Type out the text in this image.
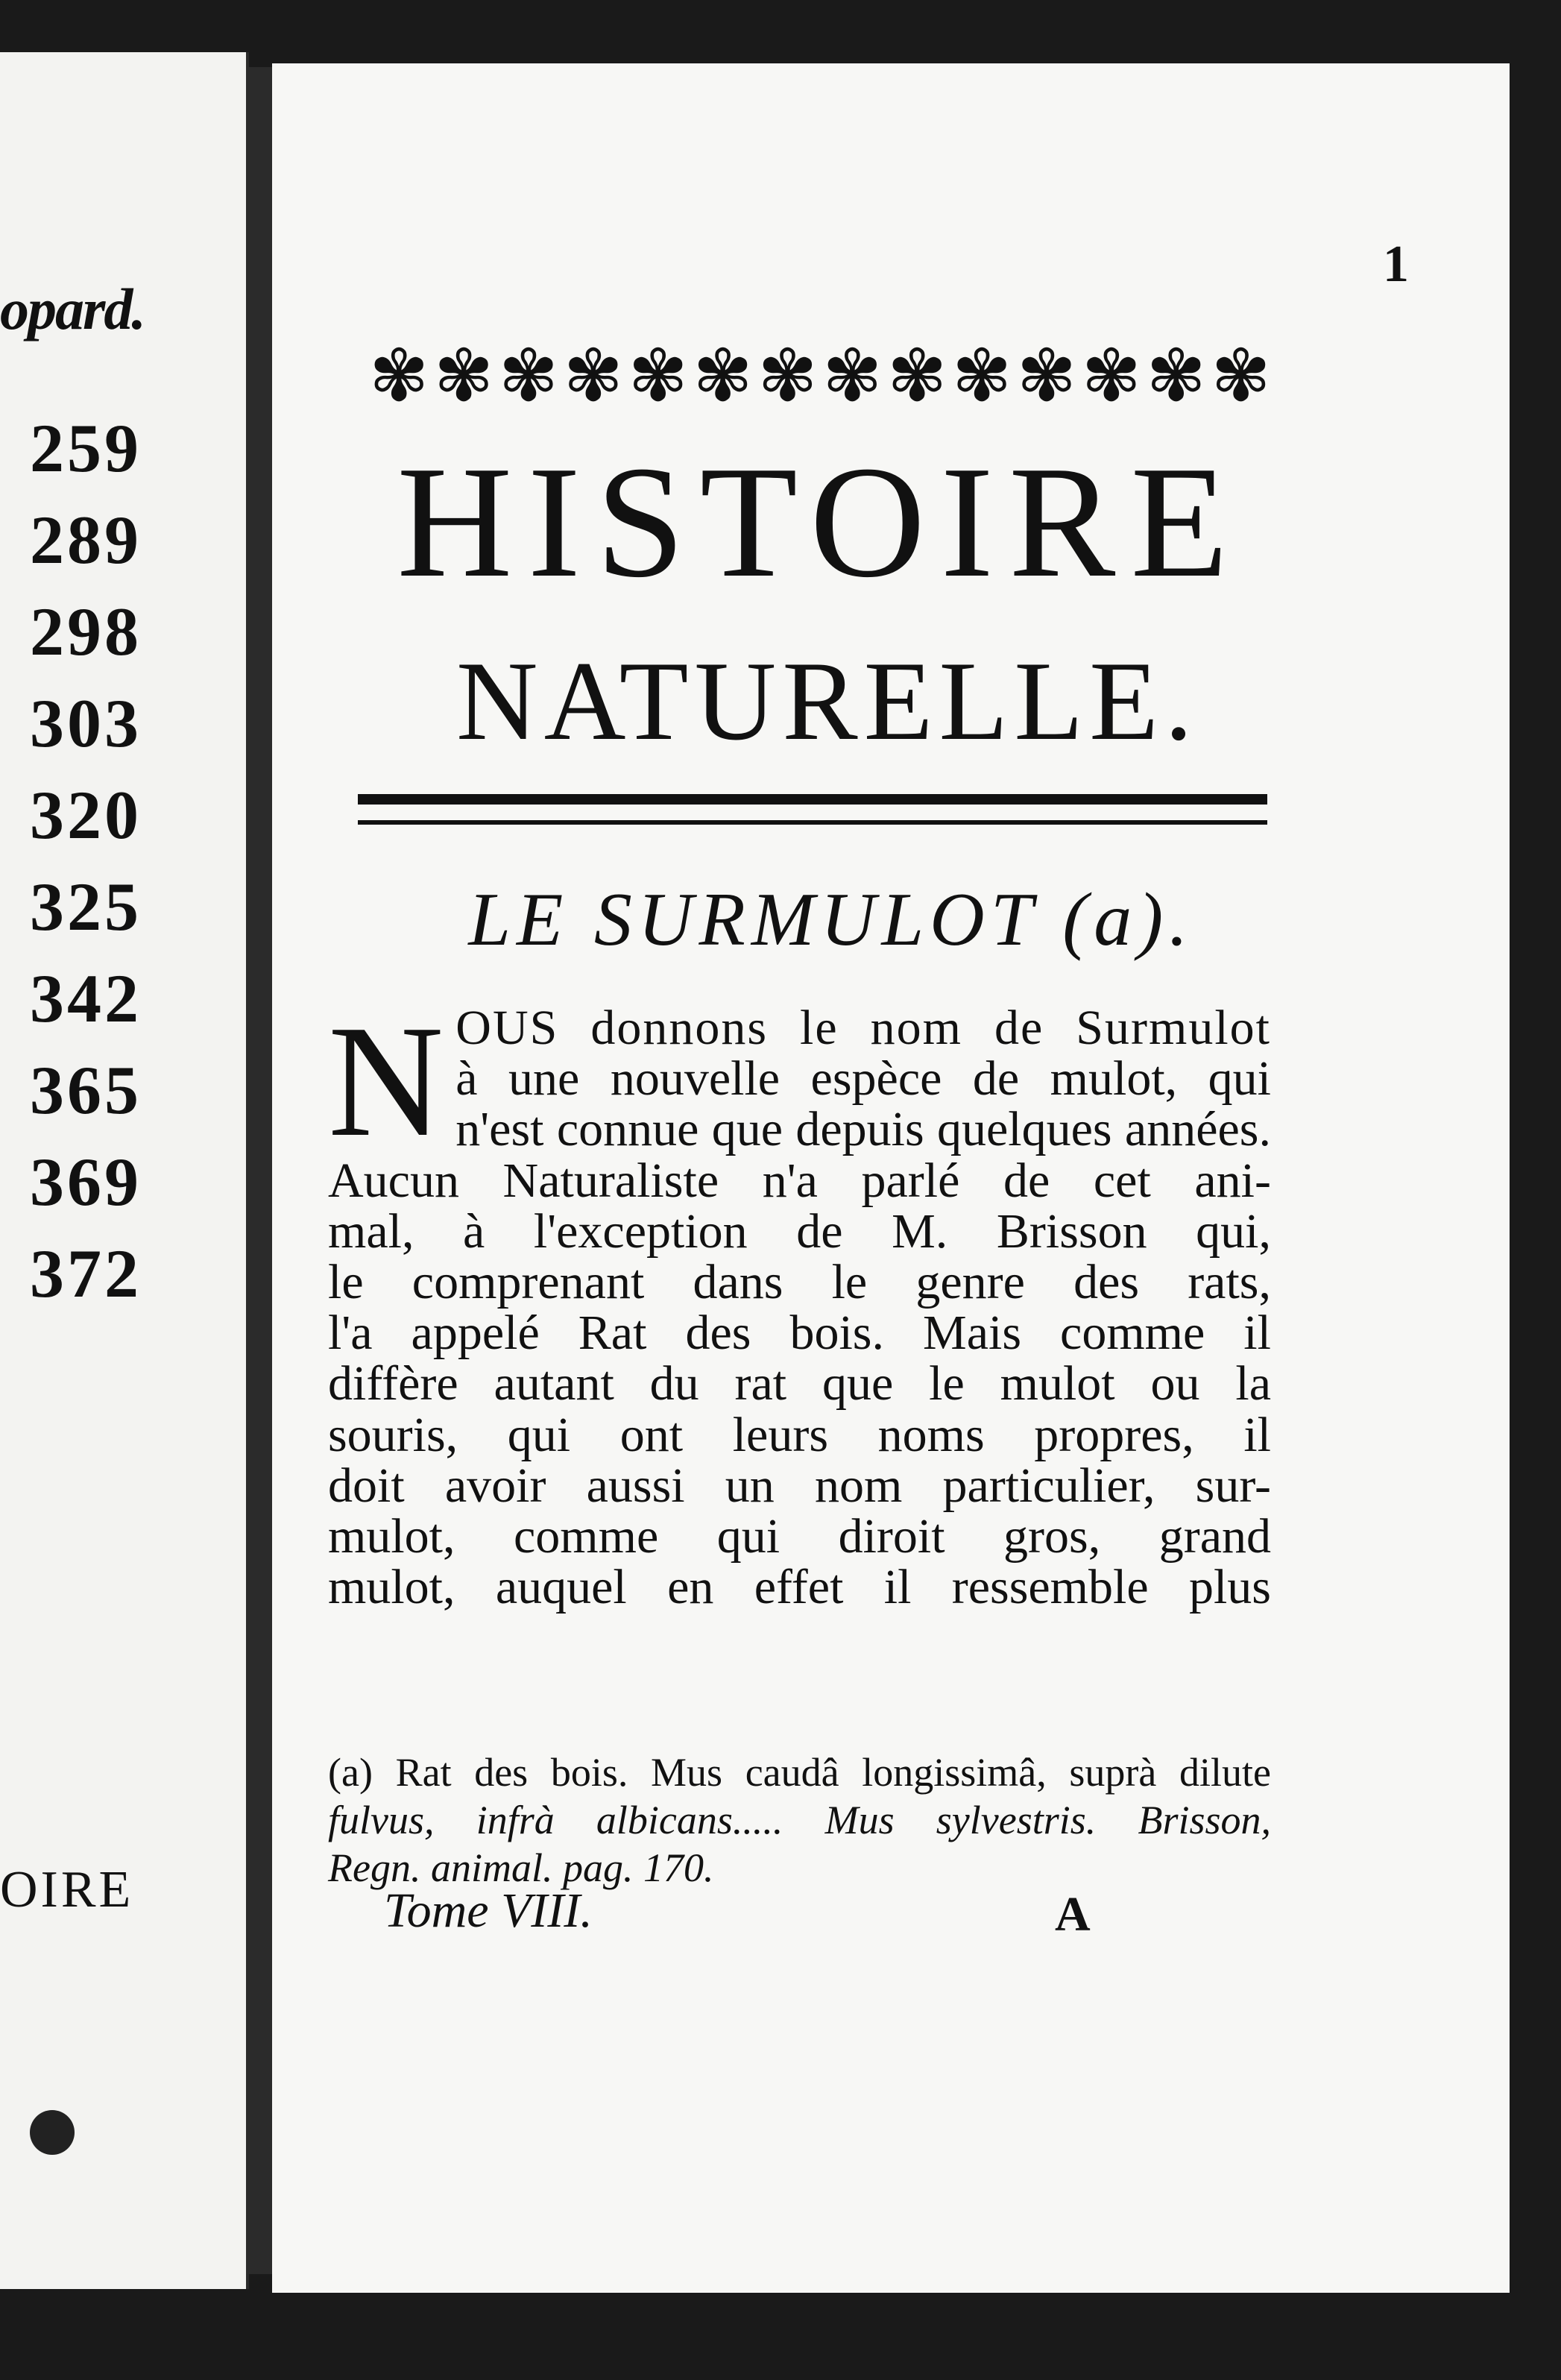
opard.
259
289
298
303
320
325
342
365
369
372
OIRE
1
✾ ✾ ✾ ✾ ✾ ✾ ✾ ✾ ✾ ✾ ✾ ✾ ✾ ✾
HISTOIRE
NATURELLE.
LE SURMULOT (a).
N OUS donnons le nom de Surmulot
à une nouvelle espèce de mulot, qui
n'est connue que depuis quelques années.
Aucun Naturaliste n'a parlé de cet ani-
mal, à l'exception de M. Brisson qui,
le comprenant dans le genre des rats,
l'a appelé Rat des bois. Mais comme il
diffère autant du rat que le mulot ou la
souris, qui ont leurs noms propres, il
doit avoir aussi un nom particulier, sur-
mulot, comme qui diroit gros, grand
mulot, auquel en effet il ressemble plus
(a) Rat des bois. Mus caudâ longissimâ, suprà dilute
fulvus, infrà albicans..... Mus sylvestris. Brisson,
Regn. animal. pag. 170.
Tome VIII.	A
